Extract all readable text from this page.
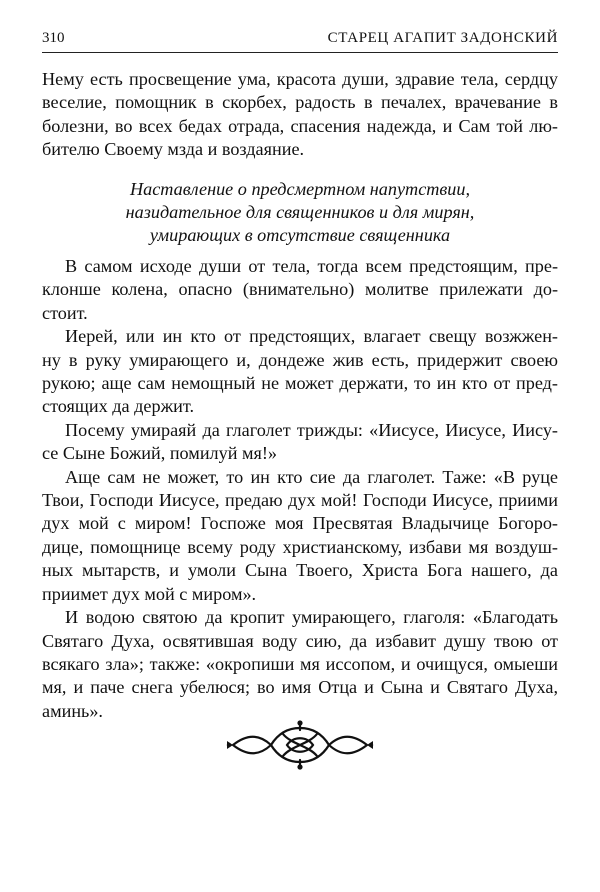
310	СТАРЕЦ АГАПИТ ЗАДОНСКИЙ
Нему есть просвещение ума, красота души, здравие тела, сердцу
веселие, помощник в скорбех, радость в печалех, врачевание в
болезни, во всех бедах отрада, спасения надежда, и Сам той лю-
бителю Своему мзда и воздаяние.
Наставление о предсмертном напутствии,
назидательное для священников и для мирян,
умирающих в отсутствие священника
В самом исходе души от тела, тогда всем предстоящим, пре-
клонше колена, опасно (внимательно) молитве прилежати до-
стоит.
Иерей, или ин кто от предстоящих, влагает свещу возжжен-
ну в руку умирающего и, дондеже жив есть, придержит своею
рукою; аще сам немощный не может держати, то ин кто от пред-
стоящих да держит.
Посему умираяй да глаголет трижды: «Иисусе, Иисусе, Иису-
се Сыне Божий, помилуй мя!»
Аще сам не может, то ин кто сие да глаголет. Таже: «В руце
Твои, Господи Иисусе, предаю дух мой! Господи Иисусе, приими
дух мой с миром! Госпоже моя Пресвятая Владычице Богоро-
дице, помощнице всему роду христианскому, избави мя воздуш-
ных мытарств, и умоли Сына Твоего, Христа Бога нашего, да
приимет дух мой с миром».
И водою святою да кропит умирающего, глаголя: «Благодать
Святаго Духа, освятившая воду сию, да избавит душу твою от
всякаго зла»; также: «окропиши мя иссопом, и очищуся, омыеши
мя, и паче снега убелюся; во имя Отца и Сына и Святаго Духа,
аминь».
